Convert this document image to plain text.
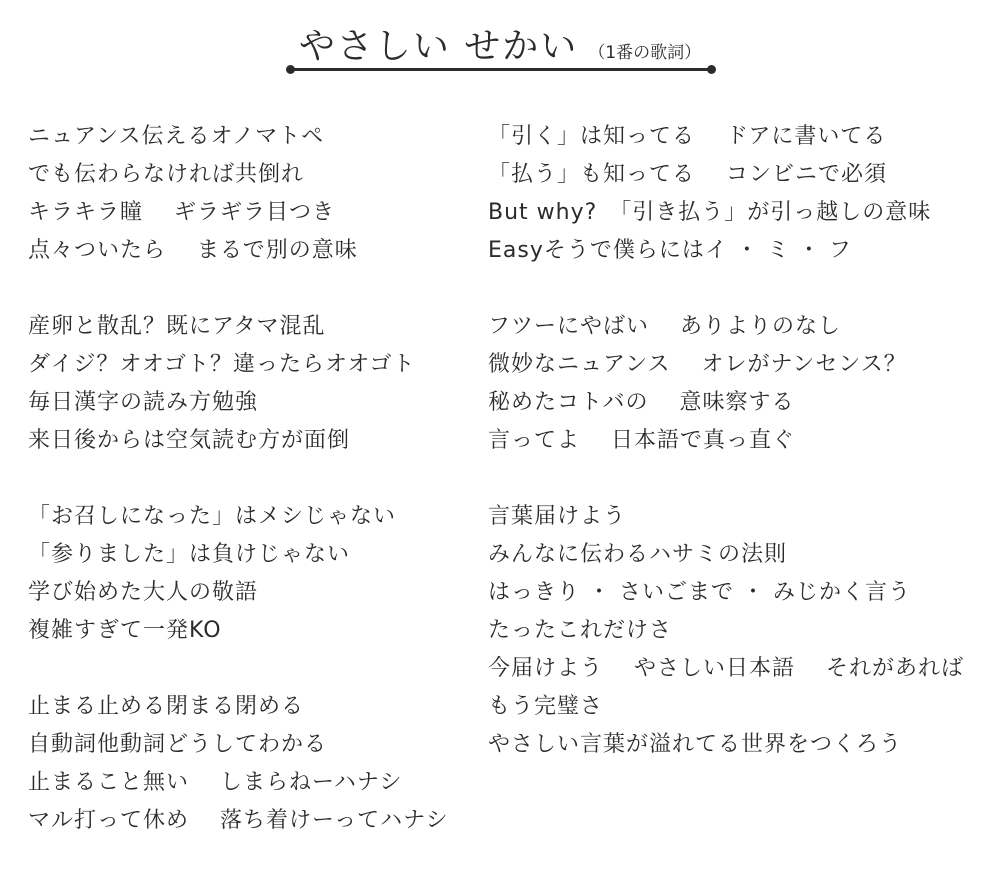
やさしい せかい （1番の歌詞）
ニュアンス伝えるオノマトペ
でも伝わらなければ共倒れ
キラキラ瞳　 ギラギラ目つき
点々ついたら　 まるで別の意味
産卵と散乱？既にアタマ混乱
ダイジ？オオゴト？違ったらオオゴト
毎日漢字の読み方勉強
来日後からは空気読む方が面倒
「お召しになった」はメシじゃない
「参りました」は負けじゃない
学び始めた大人の敬語
複雑すぎて一発KO
止まる止める閉まる閉める
自動詞他動詞どうしてわかる
止まること無い　 しまらねーハナシ
マル打って休め　 落ち着けーってハナシ
「引く」は知ってる　 ドアに書いてる
「払う」も知ってる　 コンビニで必須
But why?　「引き払う」が引っ越しの意味
Easyそうで僕らにはイ ・ ミ ・ フ
フツーにやばい　 ありよりのなし
微妙なニュアンス　 オレがナンセンス？
秘めたコトバの　 意味察する
言ってよ　 日本語で真っ直ぐ
言葉届けよう
みんなに伝わるハサミの法則
はっきり ・ さいごまで ・ みじかく言う
たったこれだけさ
今届けよう　 やさしい日本語　 それがあれば
もう完璧さ
やさしい言葉が溢れてる世界をつくろう
